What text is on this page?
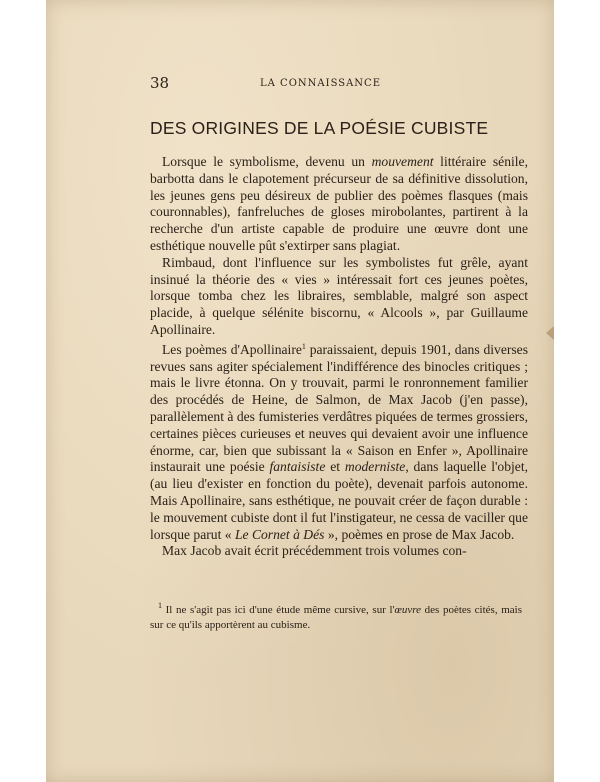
38	LA CONNAISSANCE
DES ORIGINES DE LA POÉSIE CUBISTE

Lorsque le symbolisme, devenu un mouvement littéraire sénile, barbotta dans le clapotement précurseur de sa définitive dissolution, les jeunes gens peu désireux de publier des poèmes flasques (mais couronnables), fanfreluches de gloses mirobolantes, partirent à la recherche d'un artiste capable de produire une œuvre dont une esthétique nouvelle pût s'extirper sans plagiat.

Rimbaud, dont l'influence sur les symbolistes fut grêle, ayant insinué la théorie des « vies » intéressait fort ces jeunes poètes, lorsque tomba chez les libraires, semblable, malgré son aspect placide, à quelque sélénite biscornu, « Alcools », par Guillaume Apollinaire.

Les poèmes d'Apollinaire$^1$ paraissaient, depuis 1901, dans diverses revues sans agiter spécialement l'indifférence des binocles critiques ; mais le livre étonna. On y trouvait, parmi le ronronnement familier des procédés de Heine, de Salmon, de Max Jacob (j'en passe), parallèlement à des fumisteries verdâtres piquées de termes grossiers, certaines pièces curieuses et neuves qui devaient avoir une influence énorme, car, bien que subissant la « Saison en Enfer », Apollinaire instaurait une poésie fantaisiste et moderniste, dans laquelle l'objet, (au lieu d'exister en fonction du poète), devenait parfois autonome. Mais Apollinaire, sans esthétique, ne pouvait créer de façon durable : le mouvement cubiste dont il fut l'instigateur, ne cessa de vaciller que lorsque parut « Le Cornet à Dés », poèmes en prose de Max Jacob.

Max Jacob avait écrit précédemment trois volumes con-

$^1$ Il ne s'agit pas ici d'une étude même cursive, sur l'œuvre des poètes cités, mais sur ce qu'ils apportèrent au cubisme.
